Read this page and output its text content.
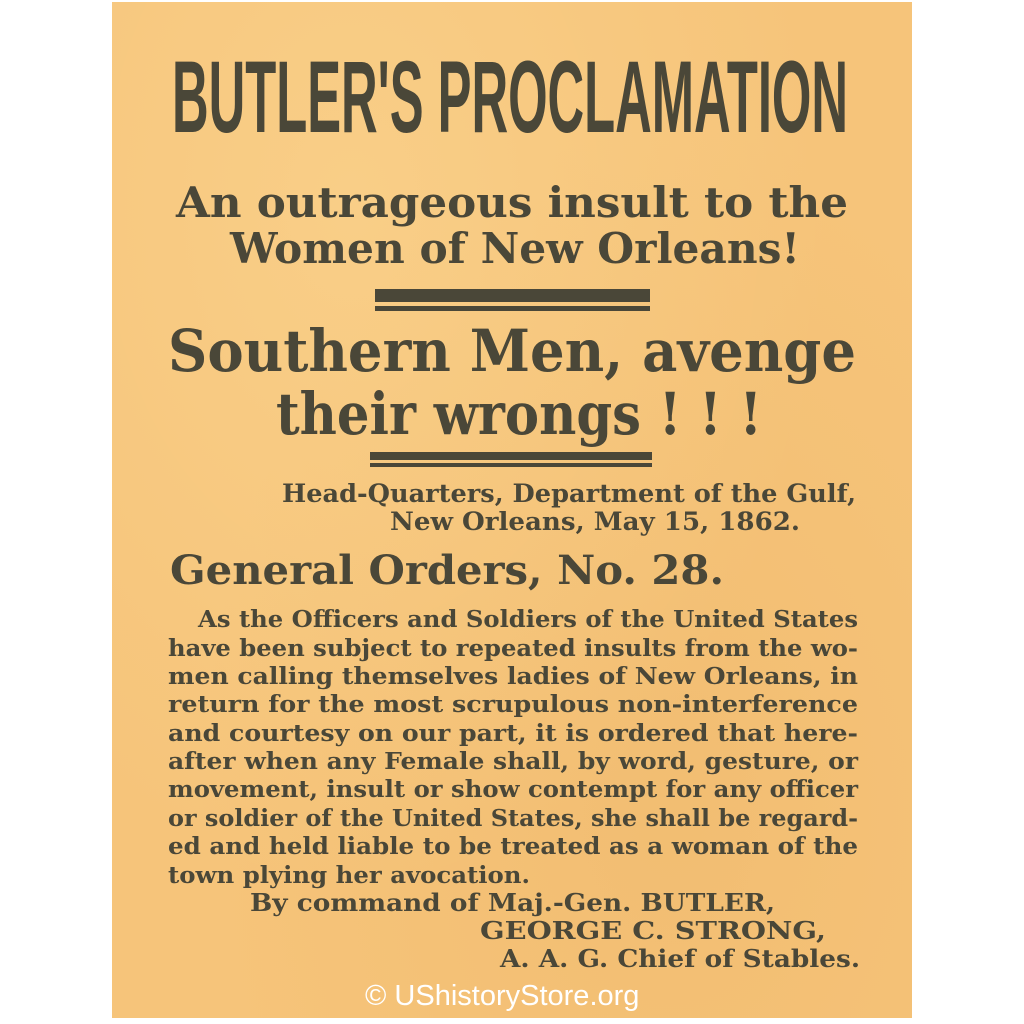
BUTLER'S PROCLAMATION
An outrageous insult to the
Women of New Orleans!
Southern Men, avenge
their wrongs ! ! !
Head-Quarters, Department of the Gulf,
New Orleans, May 15, 1862.
General Orders, No. 28.
As the Officers and Soldiers of the United States
have been subject to repeated insults from the wo-
men calling themselves ladies of New Orleans, in
return for the most scrupulous non-interference
and courtesy on our part, it is ordered that here-
after when any Female shall, by word, gesture, or
movement, insult or show contempt for any officer
or soldier of the United States, she shall be regard-
ed and held liable to be treated as a woman of the
town plying her avocation.
By command of Maj.-Gen. BUTLER,
GEORGE C. STRONG,
A. A. G. Chief of Stables.
© UShistoryStore.org
